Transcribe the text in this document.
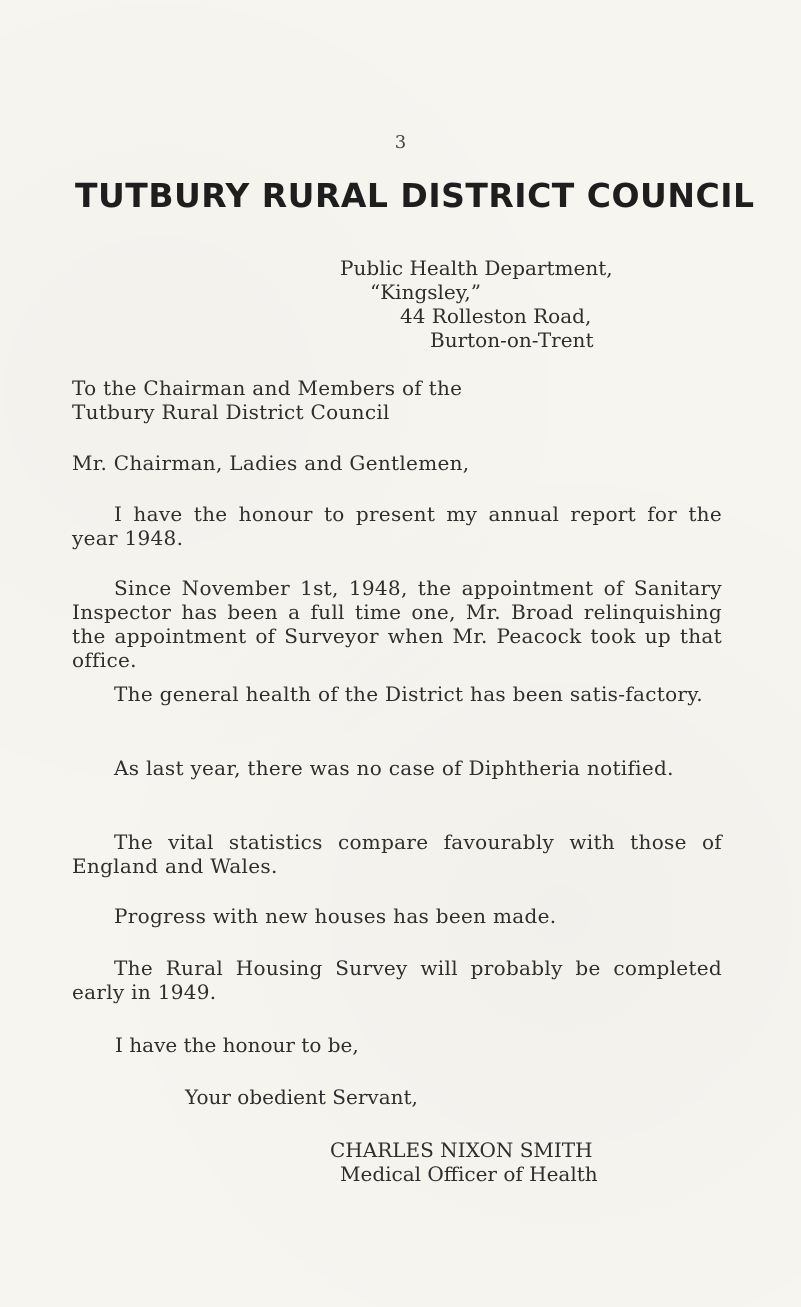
3
TUTBURY RURAL DISTRICT COUNCIL
Public Health Department,
“Kingsley,”
44 Rolleston Road,
Burton-on-Trent
To the Chairman and Members of the
Tutbury Rural District Council
Mr. Chairman, Ladies and Gentlemen,
I have the honour to present my annual report for the year 1948.
Since November 1st, 1948, the appointment of Sanitary Inspector has been a full time one, Mr. Broad relinquishing the appointment of Surveyor when Mr. Peacock took up that office.
The general health of the District has been satis-factory.
As last year, there was no case of Diphtheria notified.
The vital statistics compare favourably with those of England and Wales.
Progress with new houses has been made.
The Rural Housing Survey will probably be completed early in 1949.
I have the honour to be,
Your obedient Servant,
CHARLES NIXON SMITH
Medical Officer of Health
